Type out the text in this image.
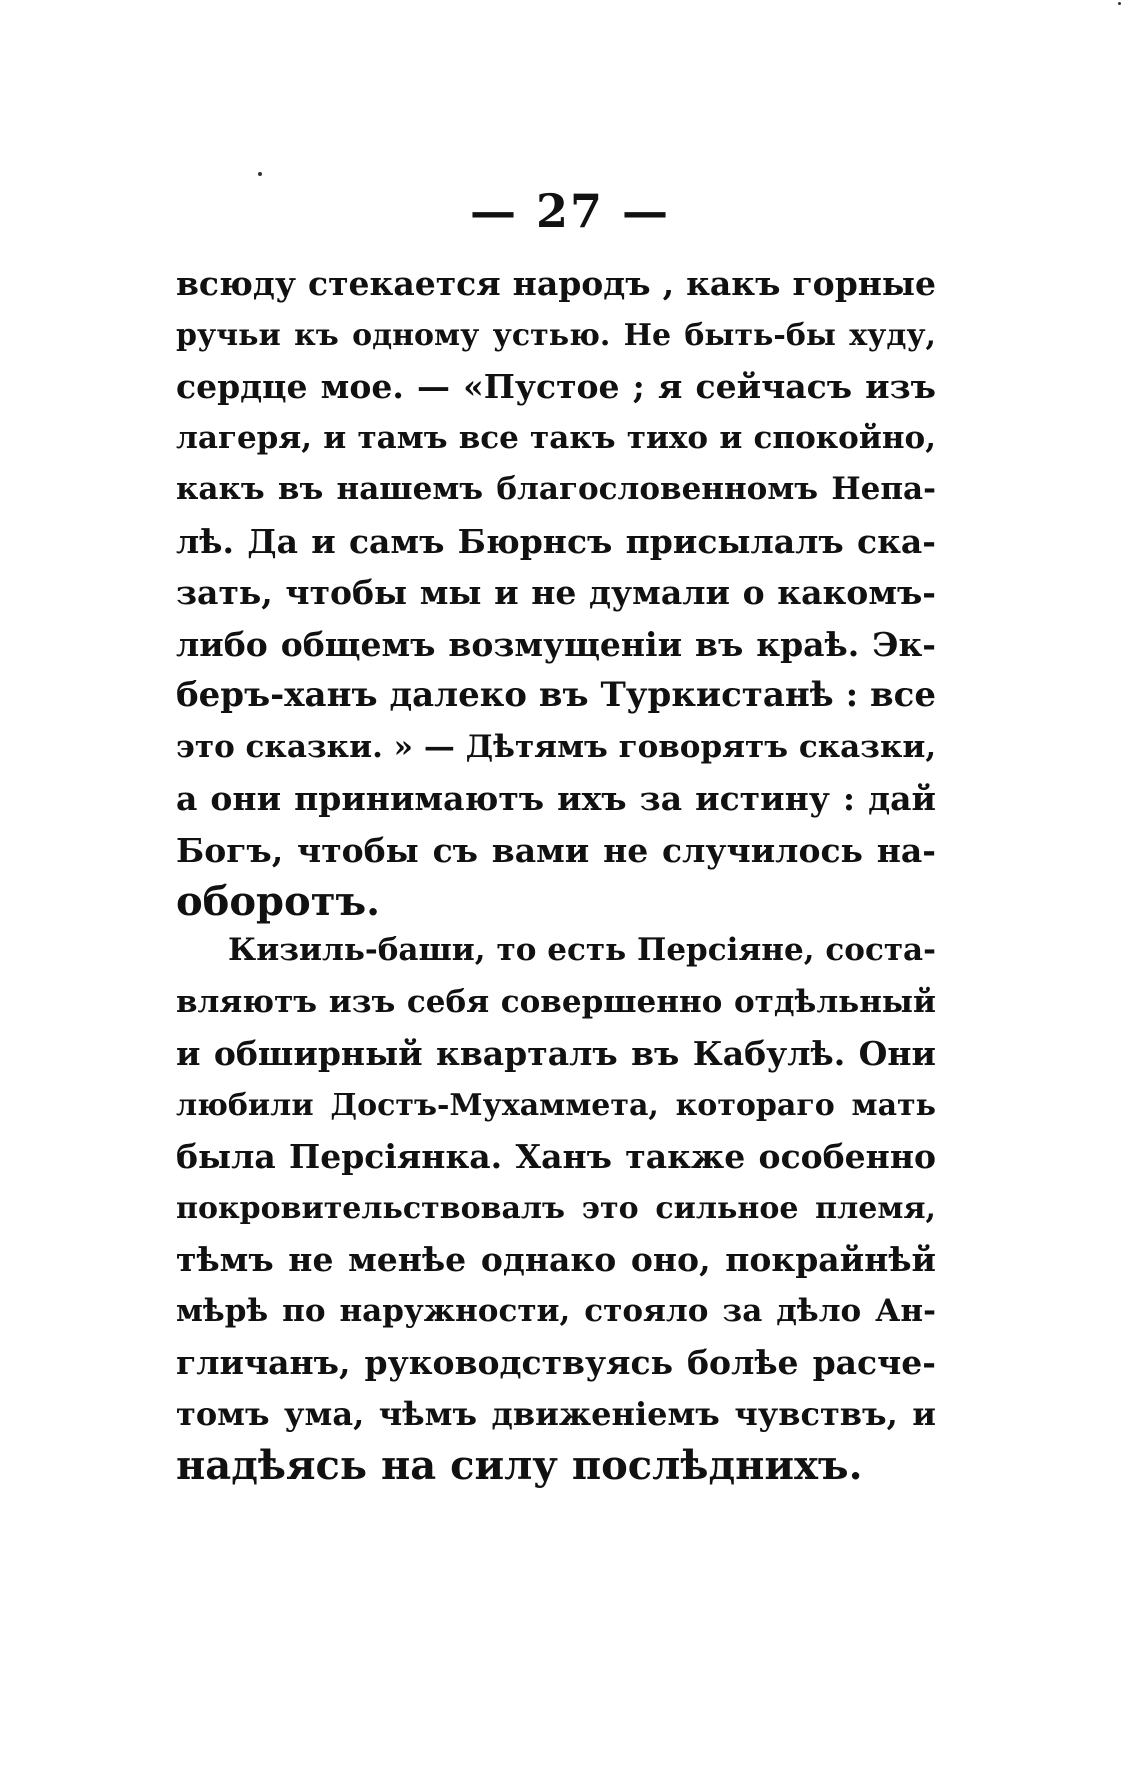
— 27 —
всюду стекается народъ , какъ горные
ручьи къ одному устью. Не быть-бы худу,
сердце мое. — «Пустое ; я сейчасъ изъ
лагеря, и тамъ все такъ тихо и спокойно,
какъ въ нашемъ благословенномъ Непа-
лѣ. Да и самъ Бюрнсъ присылалъ ска-
зать, чтобы мы и не думали о какомъ-
либо общемъ возмущеніи въ краѣ. Эк-
беръ-ханъ далеко въ Туркистанѣ : все
это сказки. » — Дѣтямъ говорятъ сказки,
а они принимаютъ ихъ за истину : дай
Богъ, чтобы съ вами не случилось на-
оборотъ.
Кизиль-баши, то есть Персіяне, соста-
вляютъ изъ себя совершенно отдѣльный
и обширный кварталъ въ Кабулѣ. Они
любили Достъ-Мухаммета, котораго мать
была Персіянка. Ханъ также особенно
покровительствовалъ это сильное племя,
тѣмъ не менѣе однако оно, покрайнѣй
мѣрѣ по наружности, стояло за дѣло Ан-
гличанъ, руководствуясь болѣе расче-
томъ ума, чѣмъ движеніемъ чувствъ, и
надѣясь на силу послѣднихъ.
